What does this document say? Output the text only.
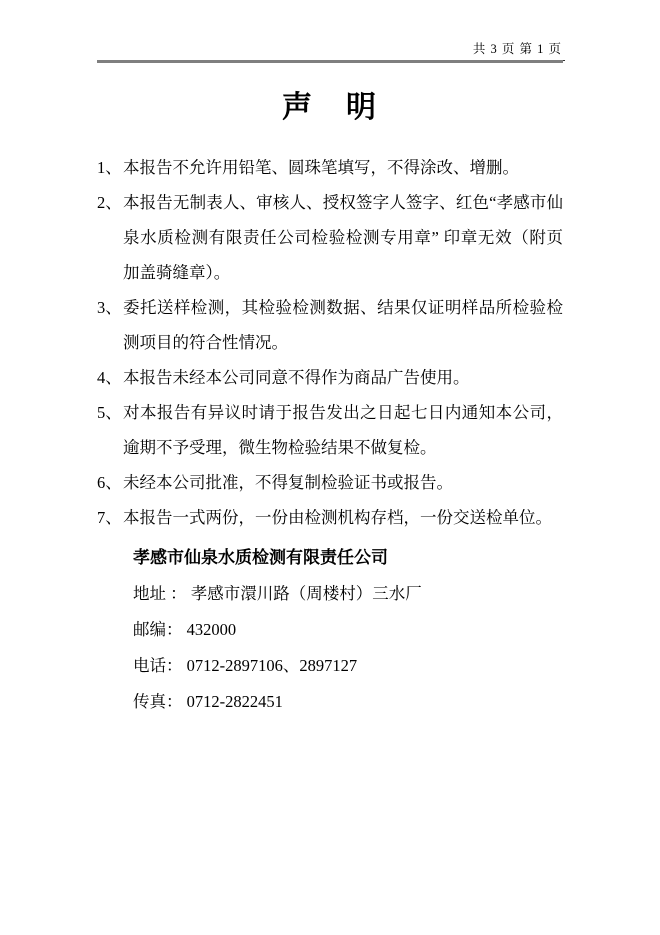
共 3 页 第 1 页
声　明
1、 本报告不允许用铅笔、圆珠笔填写，不得涂改、增删。
2、 本报告无制表人、审核人、授权签字人签字、红色“孝感市仙泉水质检测有限责任公司检验检测专用章” 印章无效（附页加盖骑缝章）。
3、 委托送样检测，其检验检测数据、结果仅证明样品所检验检测项目的符合性情况。
4、 本报告未经本公司同意不得作为商品广告使用。
5、 对本报告有异议时请于报告发出之日起七日内通知本公司，逾期不予受理，微生物检验结果不做复检。
6、 未经本公司批准，不得复制检验证书或报告。
7、 本报告一式两份，一份由检测机构存档，一份交送检单位。
孝感市仙泉水质检测有限责任公司
地址 ： 孝感市澴川路（周楼村）三水厂
邮编： 432000
电话： 0712-2897106、2897127
传真： 0712-2822451
